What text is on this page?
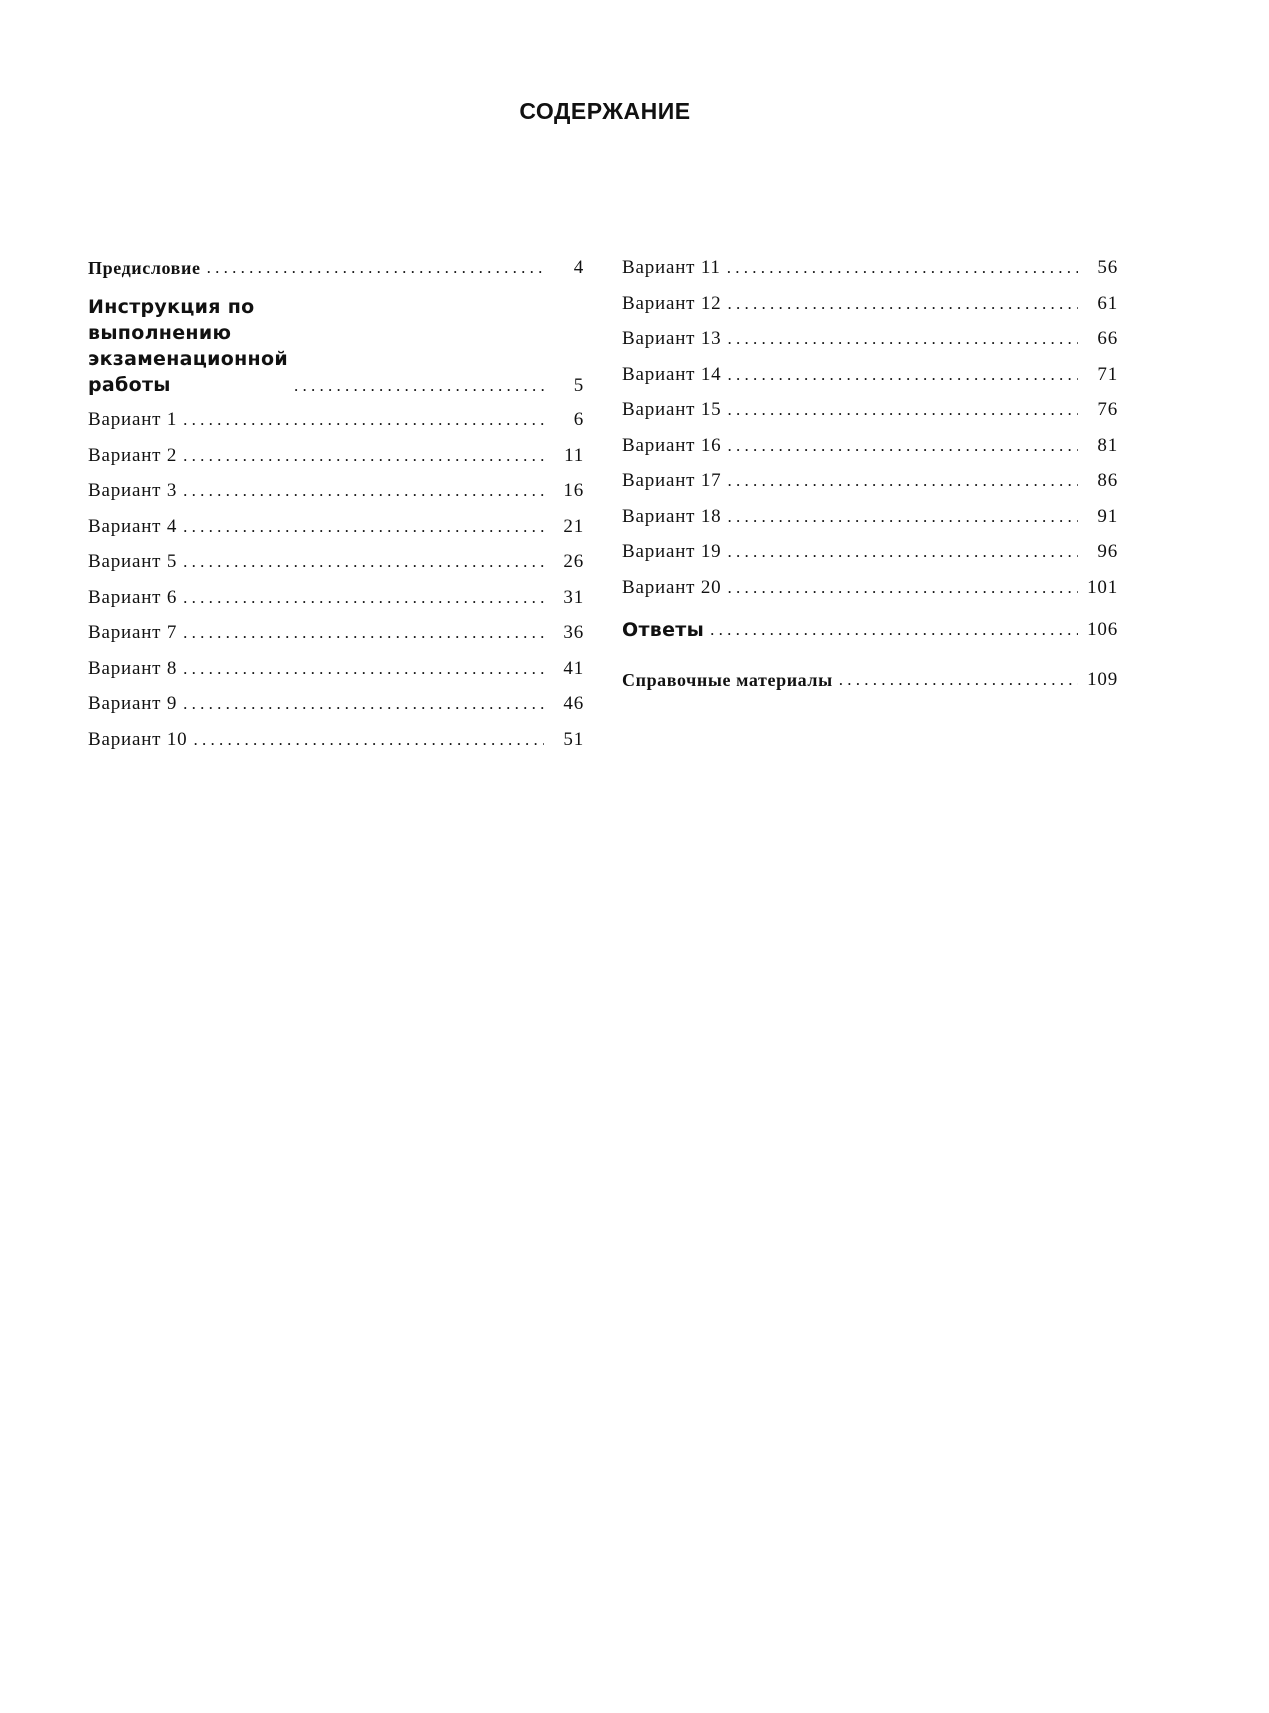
СОДЕРЖАНИЕ
Предисловие . . .	4
Инструкция по выполнению
экзаменационной работы . . .	5
Вариант 1 . . .	6
Вариант 2 . . .	11
Вариант 3 . . .	16
Вариант 4 . . .	21
Вариант 5 . . .	26
Вариант 6 . . .	31
Вариант 7 . . .	36
Вариант 8 . . .	41
Вариант 9 . . .	46
Вариант 10 . . .	51
Вариант 11 . . .	56
Вариант 12 . . .	61
Вариант 13 . . .	66
Вариант 14 . . .	71
Вариант 15 . . .	76
Вариант 16 . . .	81
Вариант 17 . . .	86
Вариант 18 . . .	91
Вариант 19 . . .	96
Вариант 20 . . .	101
Ответы . . .	106
Справочные материалы . . .	109
